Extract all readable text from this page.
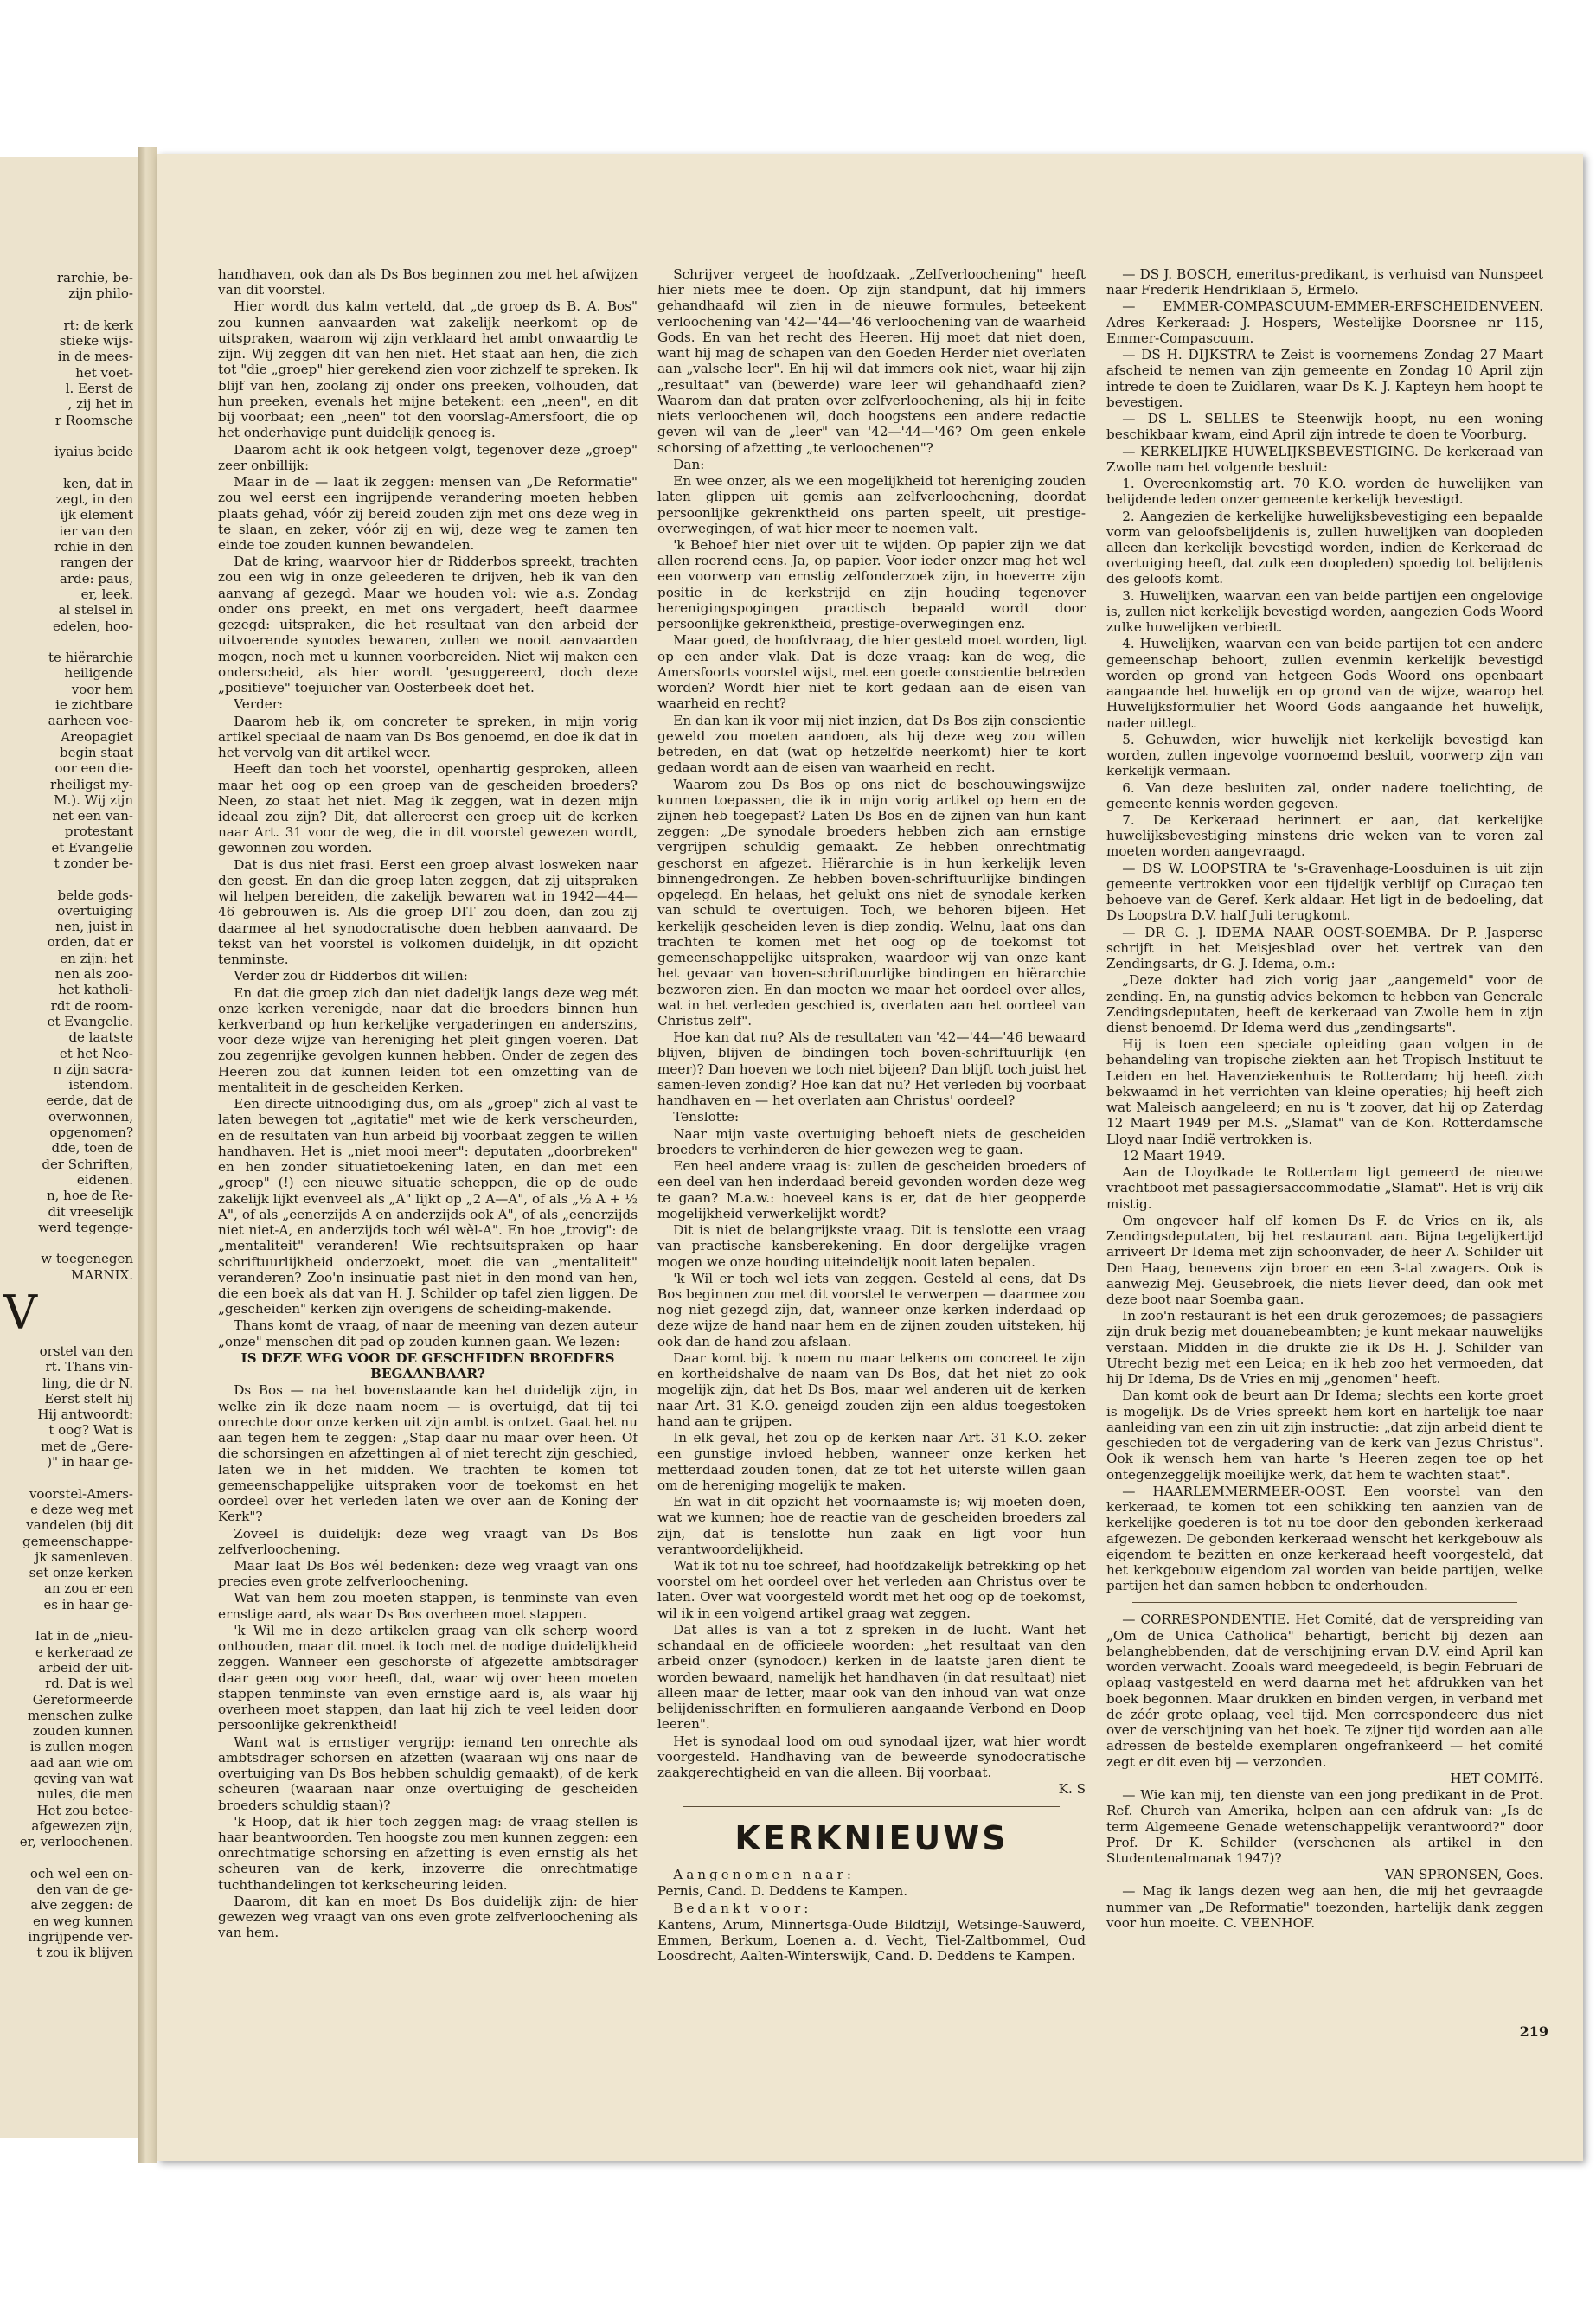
rarchie, be-
zijn philo-
rt: de kerk
stieke wijs-
in de mees-
het voet-
l. Eerst de
, zij het in
r Roomsche
iyaius beide
ken, dat in
zegt, in den
ijk element
ier van den
rchie in den
rangen der
arde: paus,
er, leek.
al stelsel in
edelen, hoo-
te hiërarchie
heiligende
voor hem
ie zichtbare
aarheen voe-
Areopagiet
begin staat
oor een die-
rheiligst my-
M.). Wij zijn
net een van-
protestant
et Evangelie
t zonder be-
belde gods-
overtuiging
nen, juist in
orden, dat er
en zijn: het
nen als zoo-
het katholi-
rdt de room-
et Evangelie.
de laatste
et het Neo-
n zijn sacra-
istendom.
eerde, dat de
overwonnen,
opgenomen?
dde, toen de
der Schriften,
eidenen.
n, hoe de Re-
dit vreeselijk
werd tegenge-
w toegenegen
MARNIX.
V
orstel van den
rt. Thans vin-
ling, die dr N.
Eerst stelt hij
Hij antwoordt:
t oog? Wat is
met de „Gere-
)" in haar ge-
voorstel-Amers-
e deze weg met
vandelen (bij dit
gemeenschappe-
jk samenleven.
set onze kerken
an zou er een
es in haar ge-
lat in de „nieu-
e kerkeraad ze
arbeid der uit-
rd. Dat is wel
Gereformeerde
menschen zulke
zouden kunnen
is zullen mogen
aad aan wie om
geving van wat
nules, die men
Het zou betee-
afgewezen zijn,
er, verloochenen.
och wel een on-
den van de ge-
alve zeggen: de
en weg kunnen
ingrijpende ver-
t zou ik blijven

handhaven, ook dan als Ds Bos beginnen zou met het afwijzen van dit voorstel.

Hier wordt dus kalm verteld, dat „de groep ds B. A. Bos" zou kunnen aanvaarden wat zakelijk neerkomt op de uitspraken, waarom wij zijn verklaard het ambt onwaardig te zijn. Wij zeggen dit van hen niet. Het staat aan hen, die zich tot "die „groep" hier gerekend zien voor zichzelf te spreken. Ik blijf van hen, zoolang zij onder ons preeken, volhouden, dat hun preeken, evenals het mijne betekent: een „neen", en dit bij voorbaat; een „neen" tot den voorslag-Amersfoort, die op het onderhavige punt duidelijk genoeg is.

Daarom acht ik ook hetgeen volgt, tegenover deze „groep" zeer onbillijk:

Maar in de — laat ik zeggen: mensen van „De Reformatie" zou wel eerst een ingrijpende verandering moeten hebben plaats gehad, vóór zij bereid zouden zijn met ons deze weg in te slaan, en zeker, vóór zij en wij, deze weg te zamen ten einde toe zouden kunnen bewandelen.

Dat de kring, waarvoor hier dr Ridderbos spreekt, trachten zou een wig in onze geleederen te drijven, heb ik van den aanvang af gezegd. Maar we houden vol: wie a.s. Zondag onder ons preekt, en met ons vergadert, heeft daarmee gezegd: uitspraken, die het resultaat van den arbeid der uitvoerende synodes bewaren, zullen we nooit aanvaarden mogen, noch met u kunnen voorbereiden. Niet wij maken een onderscheid, als hier wordt 'gesuggereerd, doch deze „positieve" toejuicher van Oosterbeek doet het.

Verder:

Daarom heb ik, om concreter te spreken, in mijn vorig artikel speciaal de naam van Ds Bos genoemd, en doe ik dat in het vervolg van dit artikel weer.

Heeft dan toch het voorstel, openhartig gesproken, alleen maar het oog op een groep van de gescheiden broeders? Neen, zo staat het niet. Mag ik zeggen, wat in dezen mijn ideaal zou zijn? Dit, dat allereerst een groep uit de kerken naar Art. 31 voor de weg, die in dit voorstel gewezen wordt, gewonnen zou worden.

Dat is dus niet frasi. Eerst een groep alvast losweken naar den geest. En dan die groep laten zeggen, dat zij uitspraken wil helpen bereiden, die zakelijk bewaren wat in 1942—44—46 gebrouwen is. Als die groep DIT zou doen, dan zou zij daarmee al het synodocratische doen hebben aanvaard. De tekst van het voorstel is volkomen duidelijk, in dit opzicht tenminste.

Verder zou dr Ridderbos dit willen:

En dat die groep zich dan niet dadelijk langs deze weg mét onze kerken verenigde, naar dat die broeders binnen hun kerkverband op hun kerkelijke vergaderingen en anderszins, voor deze wijze van hereniging het pleit gingen voeren. Dat zou zegenrijke gevolgen kunnen hebben. Onder de zegen des Heeren zou dat kunnen leiden tot een omzetting van de mentaliteit in de gescheiden Kerken.

Een directe uitnoodiging dus, om als „groep" zich al vast te laten bewegen tot „agitatie" met wie de kerk verscheurden, en de resultaten van hun arbeid bij voorbaat zeggen te willen handhaven. Het is „niet mooi meer": deputaten „doorbreken" en hen zonder situatietoekening laten, en dan met een „groep" (!) een nieuwe situatie scheppen, die op de oude zakelijk lijkt evenveel als „A" lijkt op „2 A—A", of als „½ A + ½ A", of als „eenerzijds A en anderzijds ook A", of als „eenerzijds niet niet-A, en anderzijds toch wél wèl-A". En hoe „trovig": de „mentaliteit" veranderen! Wie rechtsuitspraken op haar schriftuurlijkheid onderzoekt, moet die van „mentaliteit" veranderen? Zoo'n insinuatie past niet in den mond van hen, die een boek als dat van H. J. Schilder op tafel zien liggen. De „gescheiden" kerken zijn overigens de scheiding-makende.

Thans komt de vraag, of naar de meening van dezen auteur „onze" menschen dit pad op zouden kunnen gaan. We lezen:

IS DEZE WEG VOOR DE GESCHEIDEN BROEDERS BEGAANBAAR?

Ds Bos — na het bovenstaande kan het duidelijk zijn, in welke zin ik deze naam noem — is overtuigd, dat tij tei onrechte door onze kerken uit zijn ambt is ontzet. Gaat het nu aan tegen hem te zeggen: „Stap daar nu maar over heen. Of die schorsingen en afzettingen al of niet terecht zijn geschied, laten we in het midden. We trachten te komen tot gemeenschappelijke uitspraken voor de toekomst en het oordeel over het verleden laten we over aan de Koning der Kerk"?

Zoveel is duidelijk: deze weg vraagt van Ds Bos zelfverloochening.

Maar laat Ds Bos wél bedenken: deze weg vraagt van ons precies even grote zelfverloochening.

Wat van hem zou moeten stappen, is tenminste van even ernstige aard, als waar Ds Bos overheen moet stappen.

'k Wil me in deze artikelen graag van elk scherp woord onthouden, maar dit moet ik toch met de nodige duidelijkheid zeggen. Wanneer een geschorste of afgezette ambtsdrager daar geen oog voor heeft, dat, waar wij over heen moeten stappen tenminste van even ernstige aard is, als waar hij overheen moet stappen, dan laat hij zich te veel leiden door persoonlijke gekrenktheid!

Want wat is ernstiger vergrijp: iemand ten onrechte als ambtsdrager schorsen en afzetten (waaraan wij ons naar de overtuiging van Ds Bos hebben schuldig gemaakt), of de kerk scheuren (waaraan naar onze overtuiging de gescheiden broeders schuldig staan)?

'k Hoop, dat ik hier toch zeggen mag: de vraag stellen is haar beantwoorden. Ten hoogste zou men kunnen zeggen: een onrechtmatige schorsing en afzetting is even ernstig als het scheuren van de kerk, inzoverre die onrechtmatige tuchthandelingen tot kerkscheuring leiden.

Daarom, dit kan en moet Ds Bos duidelijk zijn: de hier gewezen weg vraagt van ons even grote zelfverloochening als van hem.

Schrijver vergeet de hoofdzaak. „Zelfverloochening" heeft hier niets mee te doen. Op zijn standpunt, dat hij immers gehandhaafd wil zien in de nieuwe formules, beteekent verloochening van '42—'44—'46 verloochening van de waarheid Gods. En van het recht des Heeren. Hij moet dat niet doen, want hij mag de schapen van den Goeden Herder niet overlaten aan „valsche leer". En hij wil dat immers ook niet, waar hij zijn „resultaat" van (bewerde) ware leer wil gehandhaafd zien? Waarom dan dat praten over zelfverloochening, als hij in feite niets verloochenen wil, doch hoogstens een andere redactie geven wil van de „leer" van '42—'44—'46? Om geen enkele schorsing of afzetting „te verloochenen"?

Dan:

En wee onzer, als we een mogelijkheid tot hereniging zouden laten glippen uit gemis aan zelfverloochening, doordat persoonlijke gekrenktheid ons parten speelt, uit prestige-overwegingen, of wat hier meer te noemen valt.

'k Behoef hier niet over uit te wijden. Op papier zijn we dat allen roerend eens. Ja, op papier. Voor ieder onzer mag het wel een voorwerp van ernstig zelfonderzoek zijn, in hoeverre zijn positie in de kerkstrijd en zijn houding tegenover herenigingspogingen practisch bepaald wordt door persoonlijke gekrenktheid, prestige-overwegingen enz.

Maar goed, de hoofdvraag, die hier gesteld moet worden, ligt op een ander vlak. Dat is deze vraag: kan de weg, die Amersfoorts voorstel wijst, met een goede conscientie betreden worden? Wordt hier niet te kort gedaan aan de eisen van waarheid en recht?

En dan kan ik voor mij niet inzien, dat Ds Bos zijn conscientie geweld zou moeten aandoen, als hij deze weg zou willen betreden, en dat (wat op hetzelfde neerkomt) hier te kort gedaan wordt aan de eisen van waarheid en recht.

Waarom zou Ds Bos op ons niet de beschouwingswijze kunnen toepassen, die ik in mijn vorig artikel op hem en de zijnen heb toegepast? Laten Ds Bos en de zijnen van hun kant zeggen: „De synodale broeders hebben zich aan ernstige vergrijpen schuldig gemaakt. Ze hebben onrechtmatig geschorst en afgezet. Hiërarchie is in hun kerkelijk leven binnengedrongen. Ze hebben boven-schriftuurlijke bindingen opgelegd. En helaas, het gelukt ons niet de synodale kerken van schuld te overtuigen. Toch, we behoren bijeen. Het kerkelijk gescheiden leven is diep zondig. Welnu, laat ons dan trachten te komen met het oog op de toekomst tot gemeenschappelijke uitspraken, waardoor wij van onze kant het gevaar van boven-schriftuurlijke bindingen en hiërarchie bezworen zien. En dan moeten we maar het oordeel over alles, wat in het verleden geschied is, overlaten aan het oordeel van Christus zelf".

Hoe kan dat nu? Als de resultaten van '42—'44—'46 bewaard blijven, blijven de bindingen toch boven-schriftuurlijk (en meer)? Dan hoeven we toch niet bijeen? Dan blijft toch juist het samen-leven zondig? Hoe kan dat nu? Het verleden bij voorbaat handhaven en — het overlaten aan Christus' oordeel?

Tenslotte:

Naar mijn vaste overtuiging behoeft niets de gescheiden broeders te verhinderen de hier gewezen weg te gaan.

Een heel andere vraag is: zullen de gescheiden broeders of een deel van hen inderdaad bereid gevonden worden deze weg te gaan? M.a.w.: hoeveel kans is er, dat de hier geopperde mogelijkheid verwerkelijkt wordt?

Dit is niet de belangrijkste vraag. Dit is tenslotte een vraag van practische kansberekening. En door dergelijke vragen mogen we onze houding uiteindelijk nooit laten bepalen.

'k Wil er toch wel iets van zeggen. Gesteld al eens, dat Ds Bos beginnen zou met dit voorstel te verwerpen — daarmee zou nog niet gezegd zijn, dat, wanneer onze kerken inderdaad op deze wijze de hand naar hem en de zijnen zouden uitsteken, hij ook dan de hand zou afslaan.

Daar komt bij. 'k noem nu maar telkens om concreet te zijn en kortheidshalve de naam van Ds Bos, dat het niet zo ook mogelijk zijn, dat het Ds Bos, maar wel anderen uit de kerken naar Art. 31 K.O. geneigd zouden zijn een aldus toegestoken hand aan te grijpen.

In elk geval, het zou op de kerken naar Art. 31 K.O. zeker een gunstige invloed hebben, wanneer onze kerken het metterdaad zouden tonen, dat ze tot het uiterste willen gaan om de hereniging mogelijk te maken.

En wat in dit opzicht het voornaamste is; wij moeten doen, wat we kunnen; hoe de reactie van de gescheiden broeders zal zijn, dat is tenslotte hun zaak en ligt voor hun verantwoordelijkheid.

Wat ik tot nu toe schreef, had hoofdzakelijk betrekking op het voorstel om het oordeel over het verleden aan Christus over te laten. Over wat voorgesteld wordt met het oog op de toekomst, wil ik in een volgend artikel graag wat zeggen.

Dat alles is van a tot z spreken in de lucht. Want het schandaal en de officieele woorden: „het resultaat van den arbeid onzer (synodocr.) kerken in de laatste jaren dient te worden bewaard, namelijk het handhaven (in dat resultaat) niet alleen maar de letter, maar ook van den inhoud van wat onze belijdenisschriften en formulieren aangaande Verbond en Doop leeren".

Het is synodaal lood om oud synodaal ijzer, wat hier wordt voorgesteld. Handhaving van de beweerde synodocratische zaakgerechtigheid en van die alleen. Bij voorbaat.

K. S

KERKNIEUWS

Aangenomen naar:

Pernis, Cand. D. Deddens te Kampen.

Bedankt voor:

Kantens, Arum, Minnertsga-Oude Bildtzijl, Wetsinge-Sauwerd, Emmen, Berkum, Loenen a. d. Vecht, Tiel-Zaltbommel, Oud Loosdrecht, Aalten-Winterswijk, Cand. D. Deddens te Kampen.

— DS J. BOSCH, emeritus-predikant, is verhuisd van Nunspeet naar Frederik Hendriklaan 5, Ermelo.

— EMMER-COMPASCUUM-EMMER-ERFSCHEIDENVEEN. Adres Kerkeraad: J. Hospers, Westelijke Doorsnee nr 115, Emmer-Compascuum.

— DS H. DIJKSTRA te Zeist is voornemens Zondag 27 Maart afscheid te nemen van zijn gemeente en Zondag 10 April zijn intrede te doen te Zuidlaren, waar Ds K. J. Kapteyn hem hoopt te bevestigen.

— DS L. SELLES te Steenwijk hoopt, nu een woning beschikbaar kwam, eind April zijn intrede te doen te Voorburg.

— KERKELIJKE HUWELIJKSBEVESTIGING. De kerkeraad van Zwolle nam het volgende besluit:

1. Overeenkomstig art. 70 K.O. worden de huwelijken van belijdende leden onzer gemeente kerkelijk bevestigd.

2. Aangezien de kerkelijke huwelijksbevestiging een bepaalde vorm van geloofsbelijdenis is, zullen huwelijken van doopleden alleen dan kerkelijk bevestigd worden, indien de Kerkeraad de overtuiging heeft, dat zulk een doopleden) spoedig tot belijdenis des geloofs komt.

3. Huwelijken, waarvan een van beide partijen een ongelovige is, zullen niet kerkelijk bevestigd worden, aangezien Gods Woord zulke huwelijken verbiedt.

4. Huwelijken, waarvan een van beide partijen tot een andere gemeenschap behoort, zullen evenmin kerkelijk bevestigd worden op grond van hetgeen Gods Woord ons openbaart aangaande het huwelijk en op grond van de wijze, waarop het Huwelijksformulier het Woord Gods aangaande het huwelijk, nader uitlegt.

5. Gehuwden, wier huwelijk niet kerkelijk bevestigd kan worden, zullen ingevolge voornoemd besluit, voorwerp zijn van kerkelijk vermaan.

6. Van deze besluiten zal, onder nadere toelichting, de gemeente kennis worden gegeven.

7. De Kerkeraad herinnert er aan, dat kerkelijke huwelijksbevestiging minstens drie weken van te voren zal moeten worden aangevraagd.

— DS W. LOOPSTRA te 's-Gravenhage-Loosduinen is uit zijn gemeente vertrokken voor een tijdelijk verblijf op Curaçao ten behoeve van de Geref. Kerk aldaar. Het ligt in de bedoeling, dat Ds Loopstra D.V. half Juli terugkomt.

— DR G. J. IDEMA NAAR OOST-SOEMBA. Dr P. Jasperse schrijft in het Meisjesblad over het vertrek van den Zendingsarts, dr G. J. Idema, o.m.:

„Deze dokter had zich vorig jaar „aangemeld" voor de zending. En, na gunstig advies bekomen te hebben van Generale Zendingsdeputaten, heeft de kerkeraad van Zwolle hem in zijn dienst benoemd. Dr Idema werd dus „zendingsarts".

Hij is toen een speciale opleiding gaan volgen in de behandeling van tropische ziekten aan het Tropisch Instituut te Leiden en het Havenziekenhuis te Rotterdam; hij heeft zich bekwaamd in het verrichten van kleine operaties; hij heeft zich wat Maleisch aangeleerd; en nu is 't zoover, dat hij op Zaterdag 12 Maart 1949 per M.S. „Slamat" van de Kon. Rotterdamsche Lloyd naar Indië vertrokken is.

12 Maart 1949.

Aan de Lloydkade te Rotterdam ligt gemeerd de nieuwe vrachtboot met passagiersaccommodatie „Slamat". Het is vrij dik mistig.

Om ongeveer half elf komen Ds F. de Vries en ik, als Zendingsdeputaten, bij het restaurant aan. Bijna tegelijkertijd arriveert Dr Idema met zijn schoonvader, de heer A. Schilder uit Den Haag, benevens zijn broer en een 3-tal zwagers. Ook is aanwezig Mej. Geusebroek, die niets liever deed, dan ook met deze boot naar Soemba gaan.

In zoo'n restaurant is het een druk gerozemoes; de passagiers zijn druk bezig met douanebeambten; je kunt mekaar nauwelijks verstaan. Midden in die drukte zie ik Ds H. J. Schilder van Utrecht bezig met een Leica; en ik heb zoo het vermoeden, dat hij Dr Idema, Ds de Vries en mij „genomen" heeft.

Dan komt ook de beurt aan Dr Idema; slechts een korte groet is mogelijk. Ds de Vries spreekt hem kort en hartelijk toe naar aanleiding van een zin uit zijn instructie: „dat zijn arbeid dient te geschieden tot de vergadering van de kerk van Jezus Christus". Ook ik wensch hem van harte 's Heeren zegen toe op het ontegenzeggelijk moeilijke werk, dat hem te wachten staat".

— HAARLEMMERMEER-OOST. Een voorstel van den kerkeraad, te komen tot een schikking ten aanzien van de kerkelijke goederen is tot nu toe door den gebonden kerkeraad afgewezen. De gebonden kerkeraad wenscht het kerkgebouw als eigendom te bezitten en onze kerkeraad heeft voorgesteld, dat het kerkgebouw eigendom zal worden van beide partijen, welke partijen het dan samen hebben te onderhouden.

— CORRESPONDENTIE. Het Comité, dat de verspreiding van „Om de Unica Catholica" behartigt, bericht bij dezen aan belanghebbenden, dat de verschijning ervan D.V. eind April kan worden verwacht. Zooals ward meegedeeld, is begin Februari de oplaag vastgesteld en werd daarna met het afdrukken van het boek begonnen. Maar drukken en binden vergen, in verband met de zéér grote oplaag, veel tijd. Men correspondeere dus niet over de verschijning van het boek. Te zijner tijd worden aan alle adressen de bestelde exemplaren ongefrankeerd — het comité zegt er dit even bij — verzonden.

HET COMITé.

— Wie kan mij, ten dienste van een jong predikant in de Prot. Ref. Church van Amerika, helpen aan een afdruk van: „Is de term Algemeene Genade wetenschappelijk verantwoord?" door Prof. Dr K. Schilder (verschenen als artikel in den Studentenalmanak 1947)?

VAN SPRONSEN, Goes.

— Mag ik langs dezen weg aan hen, die mij het gevraagde nummer van „De Reformatie" toezonden, hartelijk dank zeggen voor hun moeite. C. VEENHOF.

219
